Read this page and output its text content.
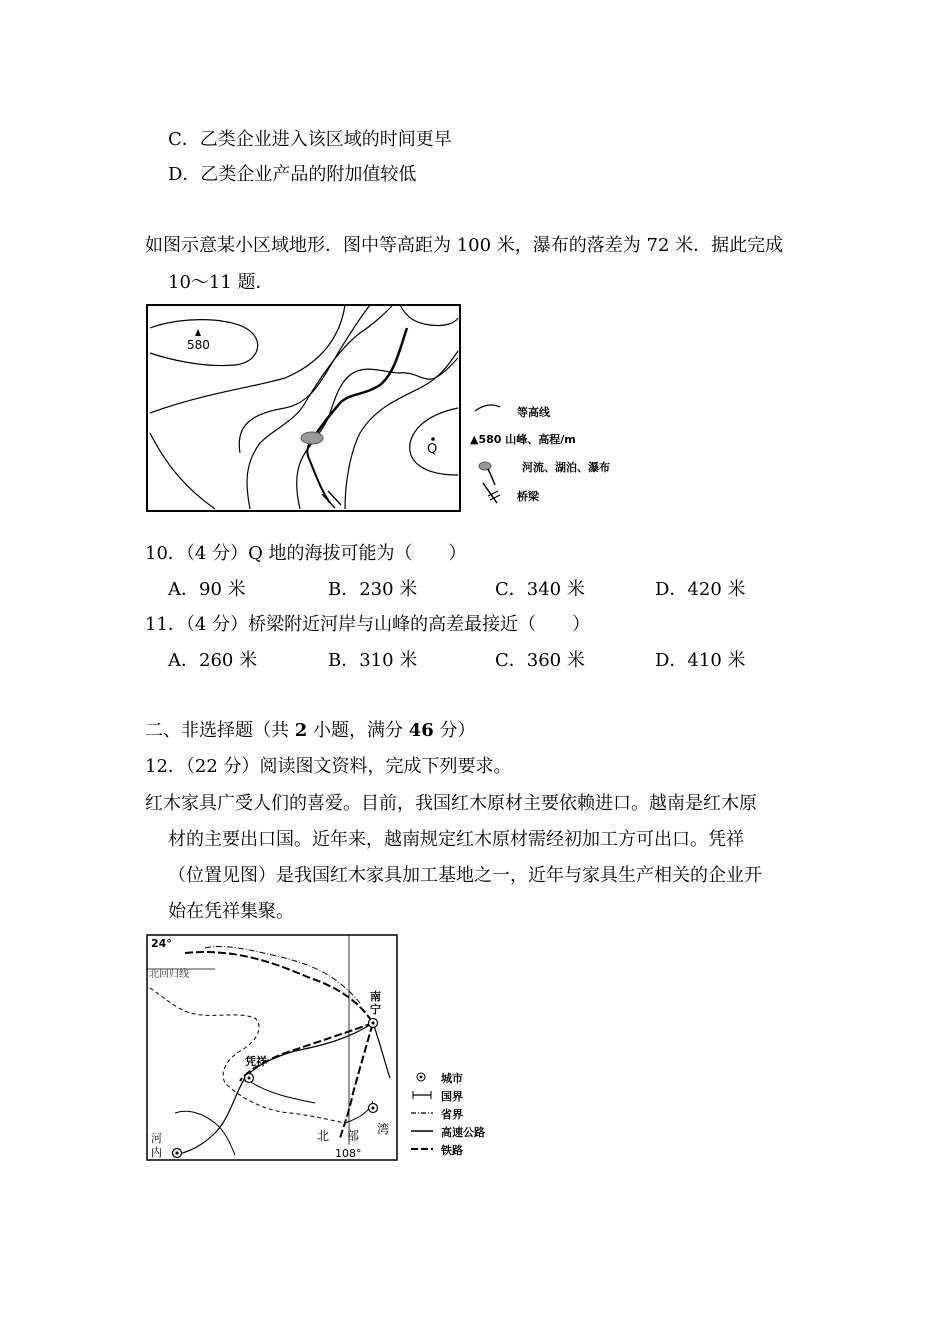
C．乙类企业进入该区域的时间更早
D．乙类企业产品的附加值较低
如图示意某小区域地形．图中等高距为 100 米，瀑布的落差为 72 米．据此完成
10～11 题．
580
Q
等高线
▲580 山峰、高程/m
河流、湖泊、瀑布
桥梁
10．（4 分）Q 地的海拔可能为（　　）
A．90 米	B．230 米	C．340 米	D．420 米
11．（4 分）桥梁附近河岸与山峰的高差最接近（　　）
A．260 米	B．310 米	C．360 米	D．410 米
二、非选择题（共 2 小题，满分 46 分）
12．（22 分）阅读图文资料，完成下列要求。
红木家具广受人们的喜爱。目前，我国红木原材主要依赖进口。越南是红木原
材的主要出口国。近年来，越南规定红木原材需经初加工方可出口。凭祥
（位置见图）是我国红木家具加工基地之一，近年与家具生产相关的企业开
始在凭祥集聚。
24°
北回归线
108°
南
宁
凭祥
河
内
北 部 湾
城市
国界
省界
高速公路
铁路
